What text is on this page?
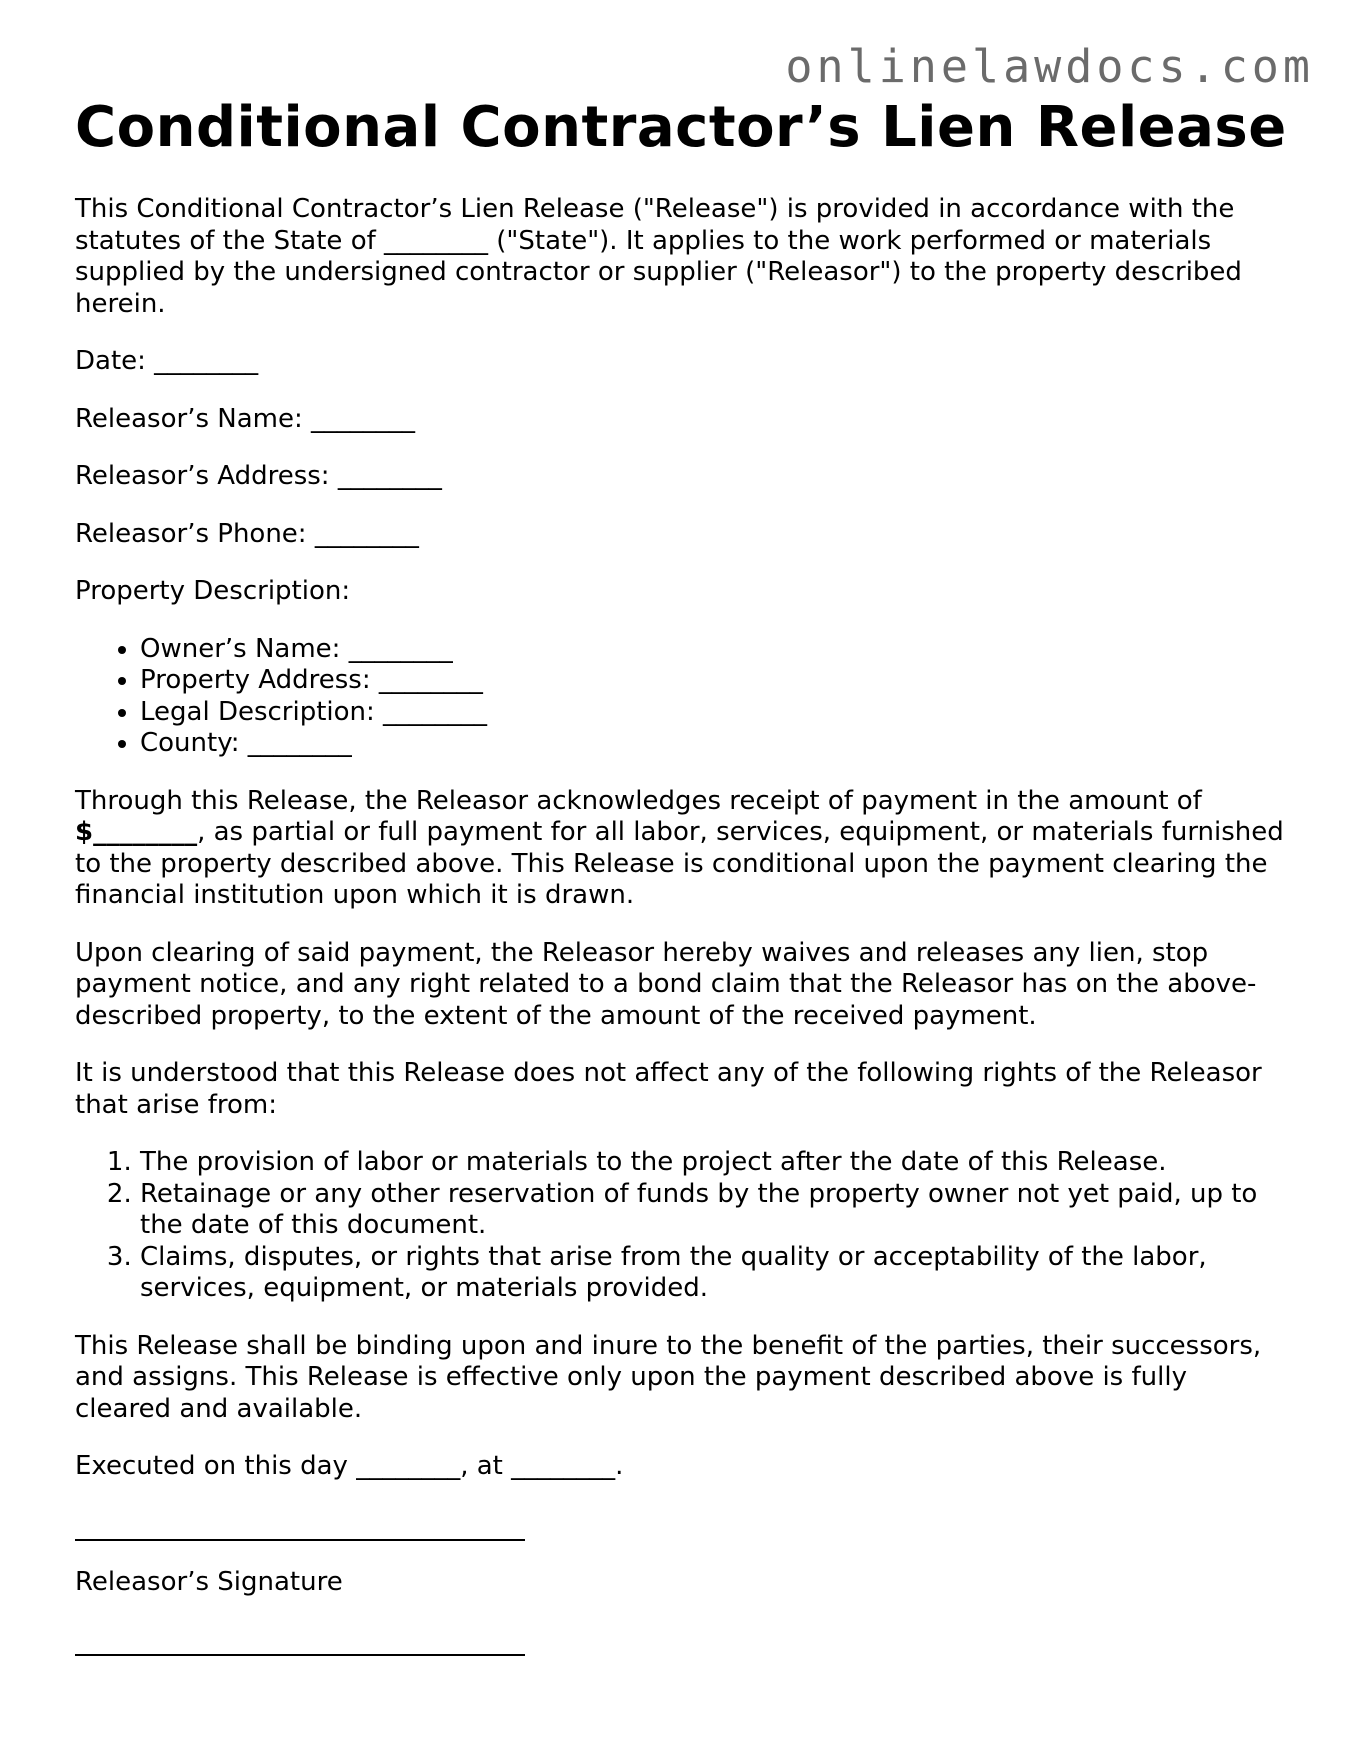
onlinelawdocs.com
Conditional Contractor’s Lien Release

This Conditional Contractor’s Lien Release ("Release") is provided in accordance with the statutes of the State of ________ ("State"). It applies to the work performed or materials supplied by the undersigned contractor or supplier ("Releasor") to the property described herein.

Date: ________

Releasor’s Name: ________

Releasor’s Address: ________

Releasor’s Phone: ________

Property Description:

• Owner’s Name: ________
• Property Address: ________
• Legal Description: ________
• County: ________

Through this Release, the Releasor acknowledges receipt of payment in the amount of $________, as partial or full payment for all labor, services, equipment, or materials furnished to the property described above. This Release is conditional upon the payment clearing the financial institution upon which it is drawn.

Upon clearing of said payment, the Releasor hereby waives and releases any lien, stop payment notice, and any right related to a bond claim that the Releasor has on the above-described property, to the extent of the amount of the received payment.

It is understood that this Release does not affect any of the following rights of the Releasor that arise from:

1. The provision of labor or materials to the project after the date of this Release.
2. Retainage or any other reservation of funds by the property owner not yet paid, up to the date of this document.
3. Claims, disputes, or rights that arise from the quality or acceptability of the labor, services, equipment, or materials provided.

This Release shall be binding upon and inure to the benefit of the parties, their successors, and assigns. This Release is effective only upon the payment described above is fully cleared and available.

Executed on this day ________, at ________.

Releasor’s Signature
